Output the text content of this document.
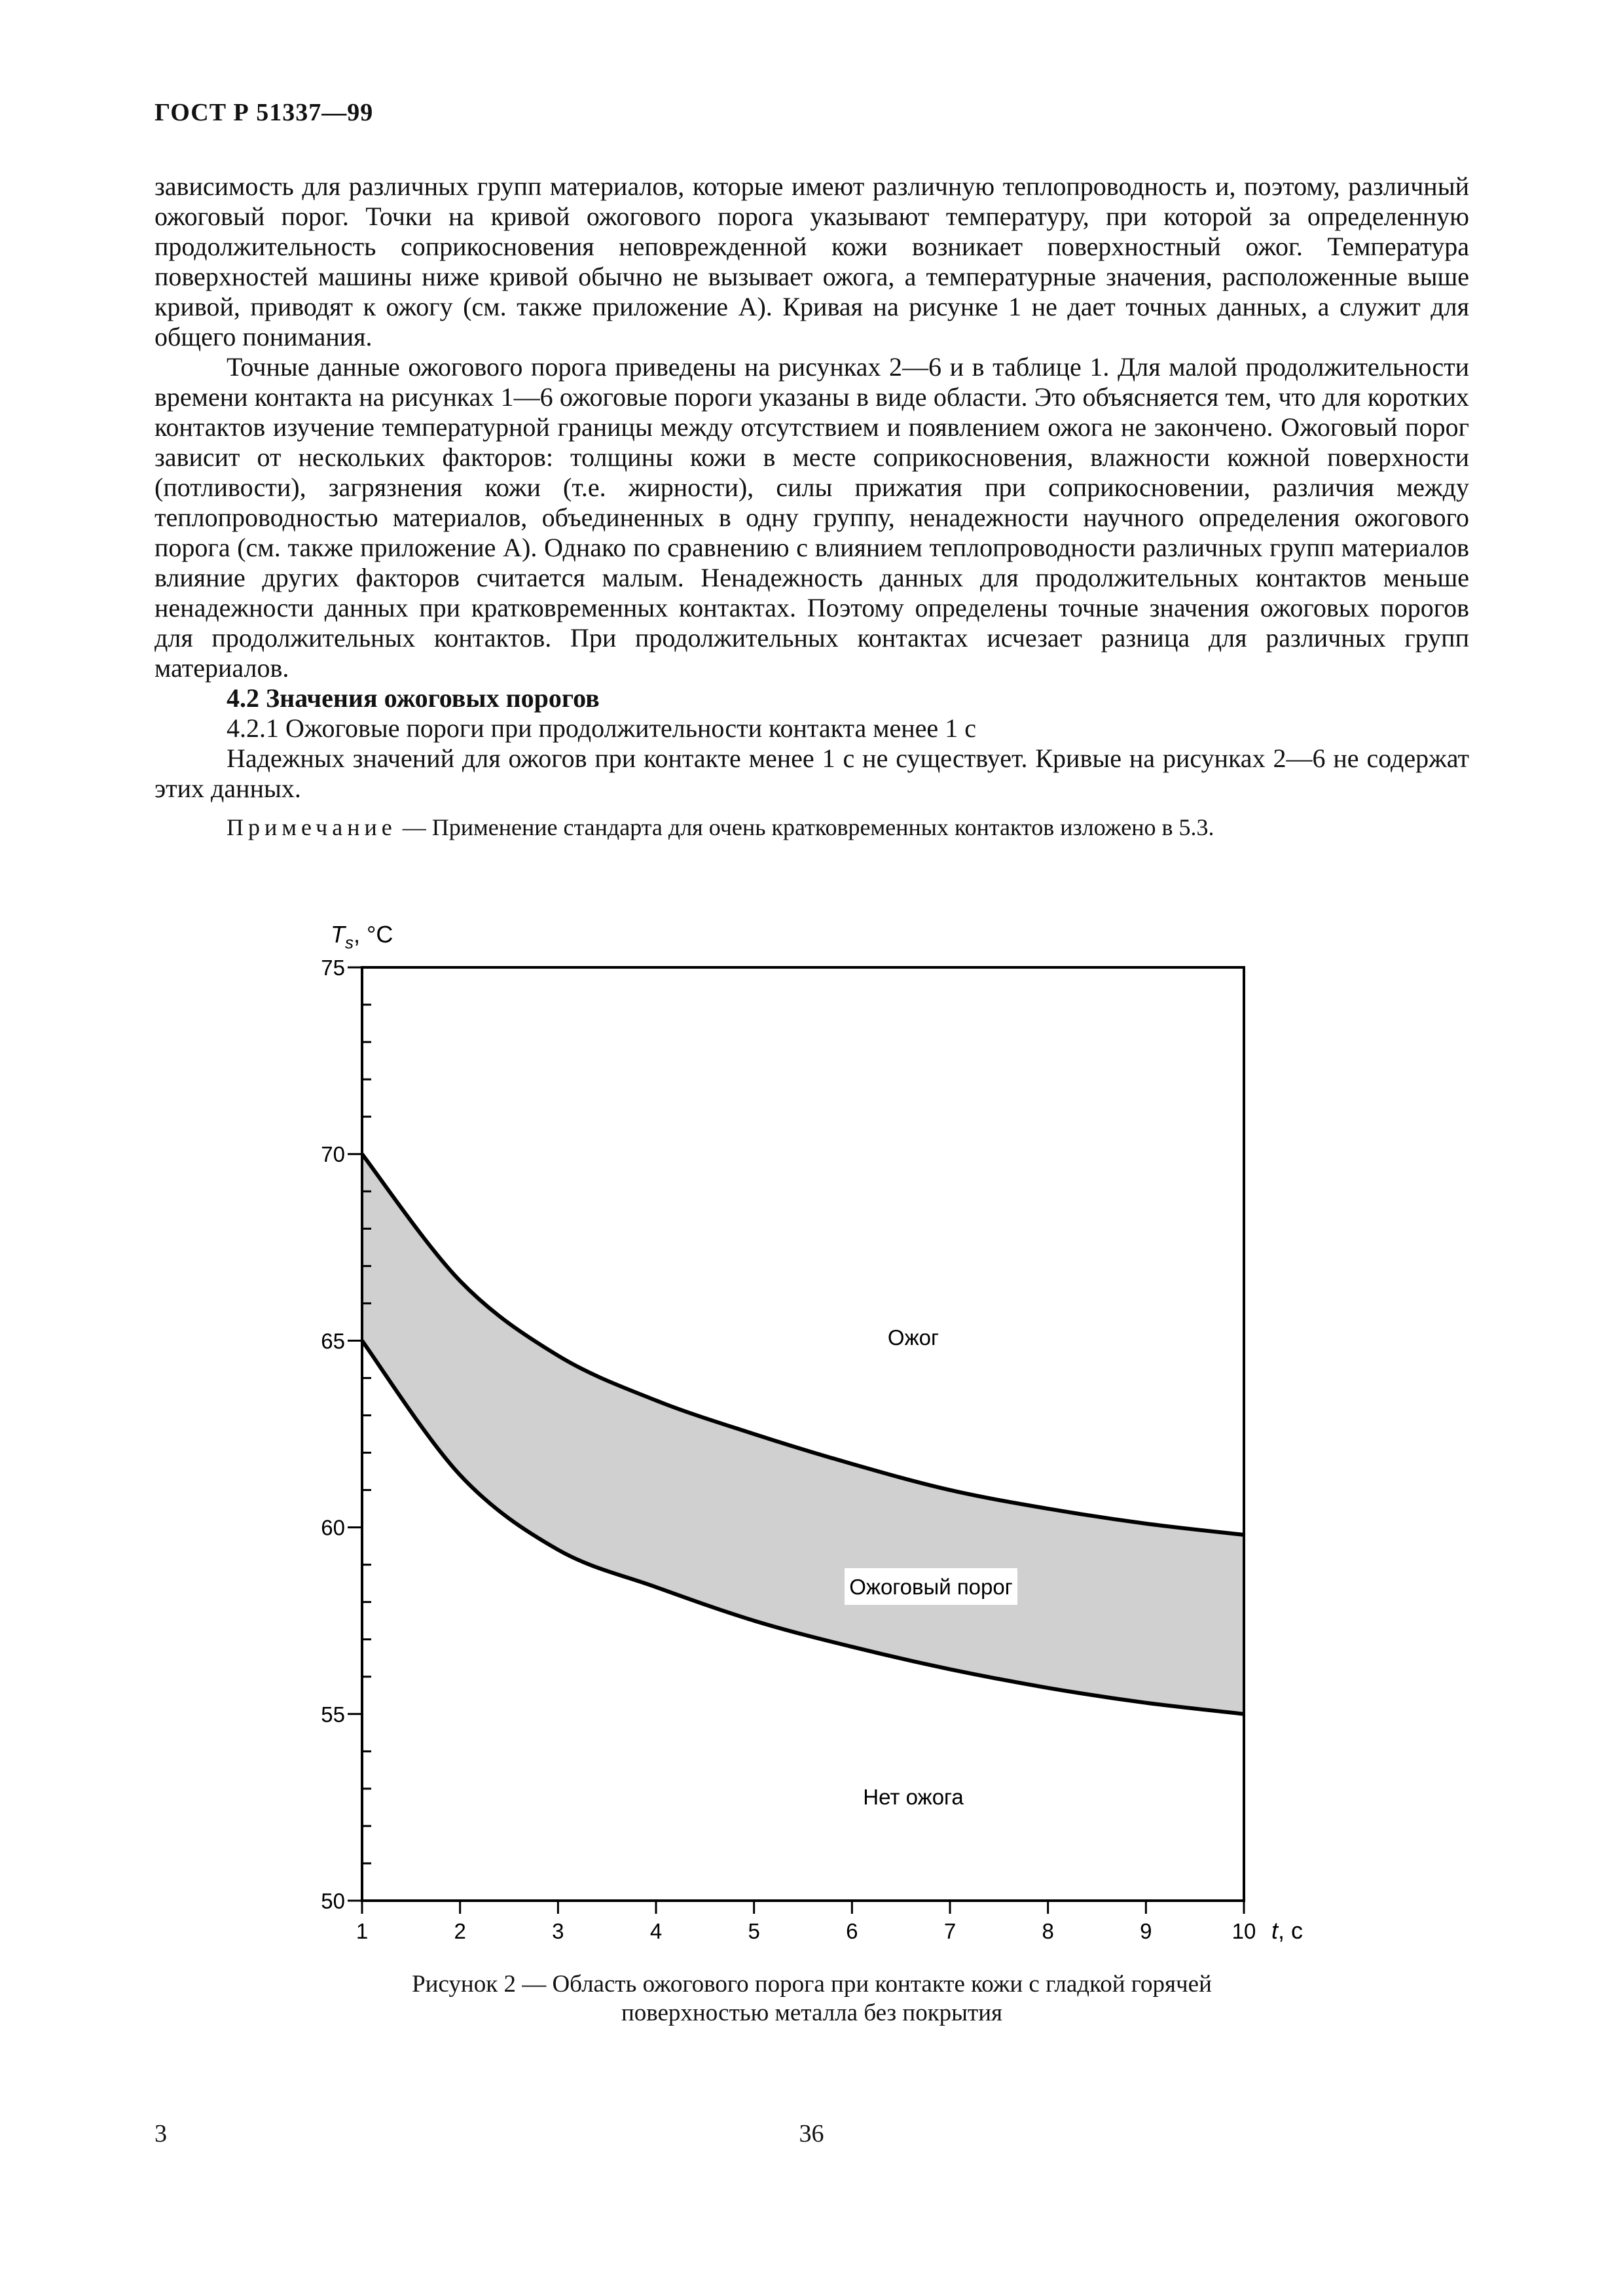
ГОСТ Р 51337—99

зависимость для различных групп материалов, которые имеют различную теплопроводность и, поэтому, различный ожоговый порог. Точки на кривой ожогового порога указывают температуру, при которой за определенную продолжительность соприкосновения неповрежденной кожи возникает поверхностный ожог. Температура поверхностей машины ниже кривой обычно не вызывает ожога, а температурные значения, расположенные выше кривой, приводят к ожогу (см. также приложение А). Кривая на рисунке 1 не дает точных данных, а служит для общего понимания.

Точные данные ожогового порога приведены на рисунках 2—6 и в таблице 1. Для малой продолжительности времени контакта на рисунках 1—6 ожоговые пороги указаны в виде области. Это объясняется тем, что для коротких контактов изучение температурной границы между отсутствием и появлением ожога не закончено. Ожоговый порог зависит от нескольких факторов: толщины кожи в месте соприкосновения, влажности кожной поверхности (потливости), загрязнения кожи (т.е. жирности), силы прижатия при соприкосновении, различия между теплопроводностью материалов, объединенных в одну группу, ненадежности научного определения ожогового порога (см. также приложение А). Однако по сравнению с влиянием теплопроводности различных групп материалов влияние других факторов считается малым. Ненадежность данных для продолжительных контактов меньше ненадежности данных при кратковременных контактах. Поэтому определены точные значения ожоговых порогов для продолжительных контактов. При продолжительных контактах исчезает разница для различных групп материалов.

4.2 Значения ожоговых порогов

4.2.1 Ожоговые пороги при продолжительности контакта менее 1 с

Надежных значений для ожогов при контакте менее 1 с не существует. Кривые на рисунках 2—6 не содержат этих данных.

Примечание — Применение стандарта для очень кратковременных контактов изложено в 5.3.

50
55
60
65
70
75
1	2	3	4	5	6	7	8	9	10
$T_s$, °C
t, c
Ожог
Ожоговый порог
Нет ожога
Рисунок 2 — Область ожогового порога при контакте кожи с гладкой горячей
поверхностью металла без покрытия
3	36
